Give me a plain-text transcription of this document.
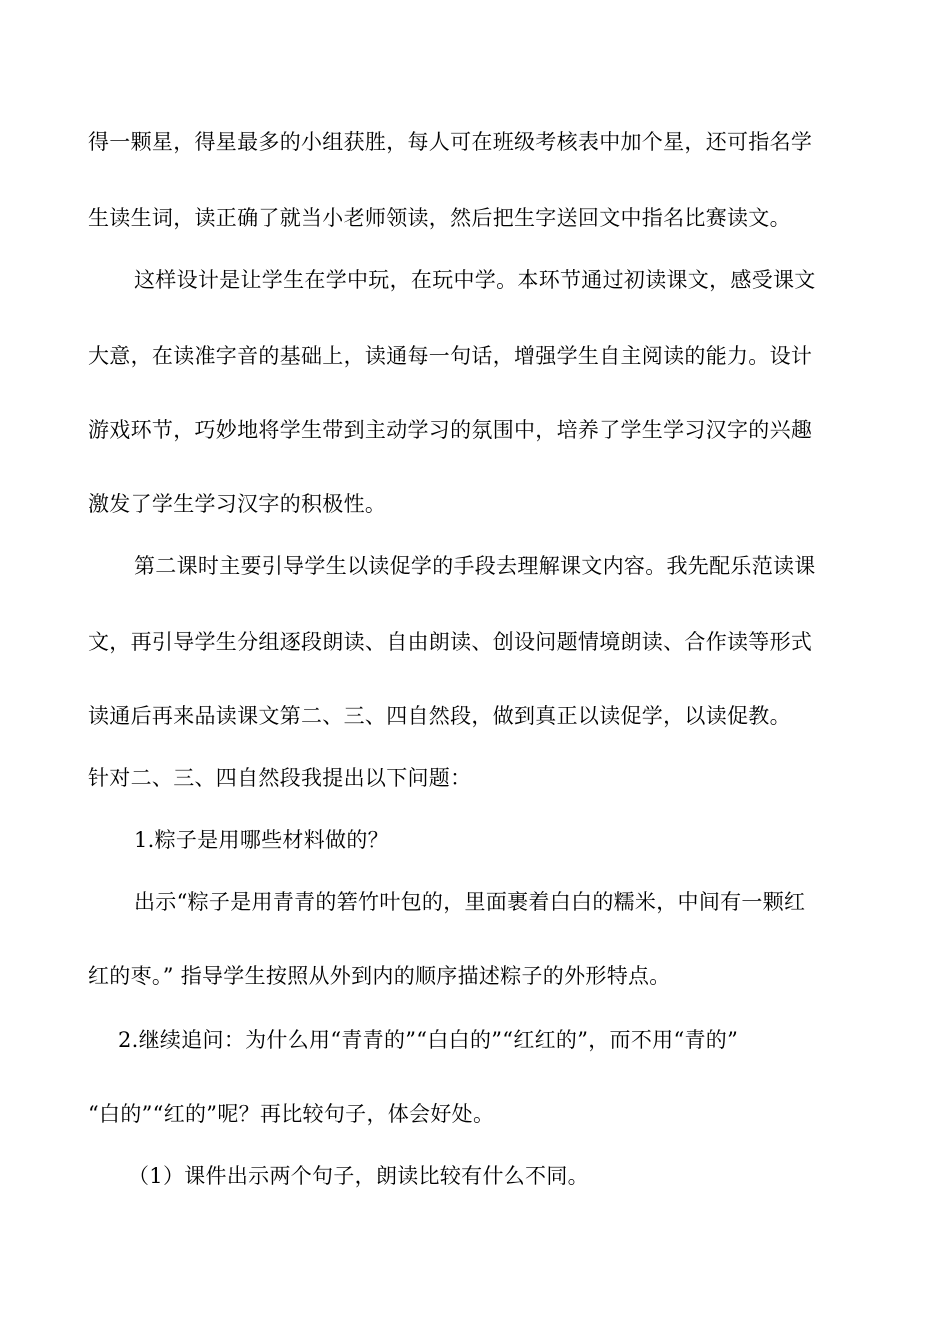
得一颗星，得星最多的小组获胜，每人可在班级考核表中加个星，还可指名学
生读生词，读正确了就当小老师领读，然后把生字送回文中指名比赛读文。
这样设计是让学生在学中玩，在玩中学。本环节通过初读课文，感受课文
大意，在读准字音的基础上，读通每一句话，增强学生自主阅读的能力。设计
游戏环节，巧妙地将学生带到主动学习的氛围中，培养了学生学习汉字的兴趣
激发了学生学习汉字的积极性。
第二课时主要引导学生以读促学的手段去理解课文内容。我先配乐范读课
文，再引导学生分组逐段朗读、自由朗读、创设问题情境朗读、合作读等形式
读通后再来品读课文第二、三、四自然段，做到真正以读促学，以读促教。
针对二、三、四自然段我提出以下问题：
1.粽子是用哪些材料做的？
出示“粽子是用青青的箬竹叶包的，里面裹着白白的糯米，中间有一颗红
红的枣。” 指导学生按照从外到内的顺序描述粽子的外形特点。
2.继续追问：为什么用“青青的”“白白的”“红红的”，而不用“青的”
“白的”“红的”呢？再比较句子，体会好处。
（1）课件出示两个句子，朗读比较有什么不同。
